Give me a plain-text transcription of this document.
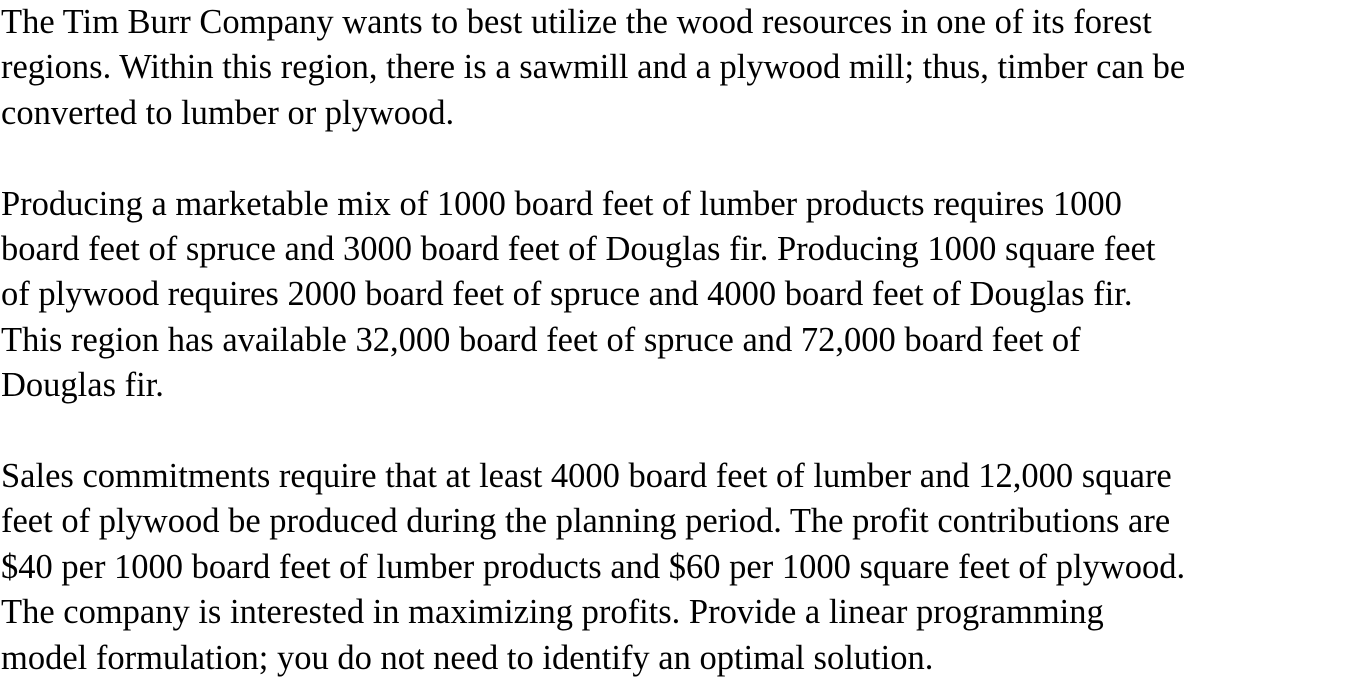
The Tim Burr Company wants to best utilize the wood resources in one of its forest
regions. Within this region, there is a sawmill and a plywood mill; thus, timber can be
converted to lumber or plywood.

Producing a marketable mix of 1000 board feet of lumber products requires 1000
board feet of spruce and 3000 board feet of Douglas fir. Producing 1000 square feet
of plywood requires 2000 board feet of spruce and 4000 board feet of Douglas fir.
This region has available 32,000 board feet of spruce and 72,000 board feet of
Douglas fir.

Sales commitments require that at least 4000 board feet of lumber and 12,000 square
feet of plywood be produced during the planning period. The profit contributions are
$40 per 1000 board feet of lumber products and $60 per 1000 square feet of plywood.
The company is interested in maximizing profits. Provide a linear programming
model formulation; you do not need to identify an optimal solution.
